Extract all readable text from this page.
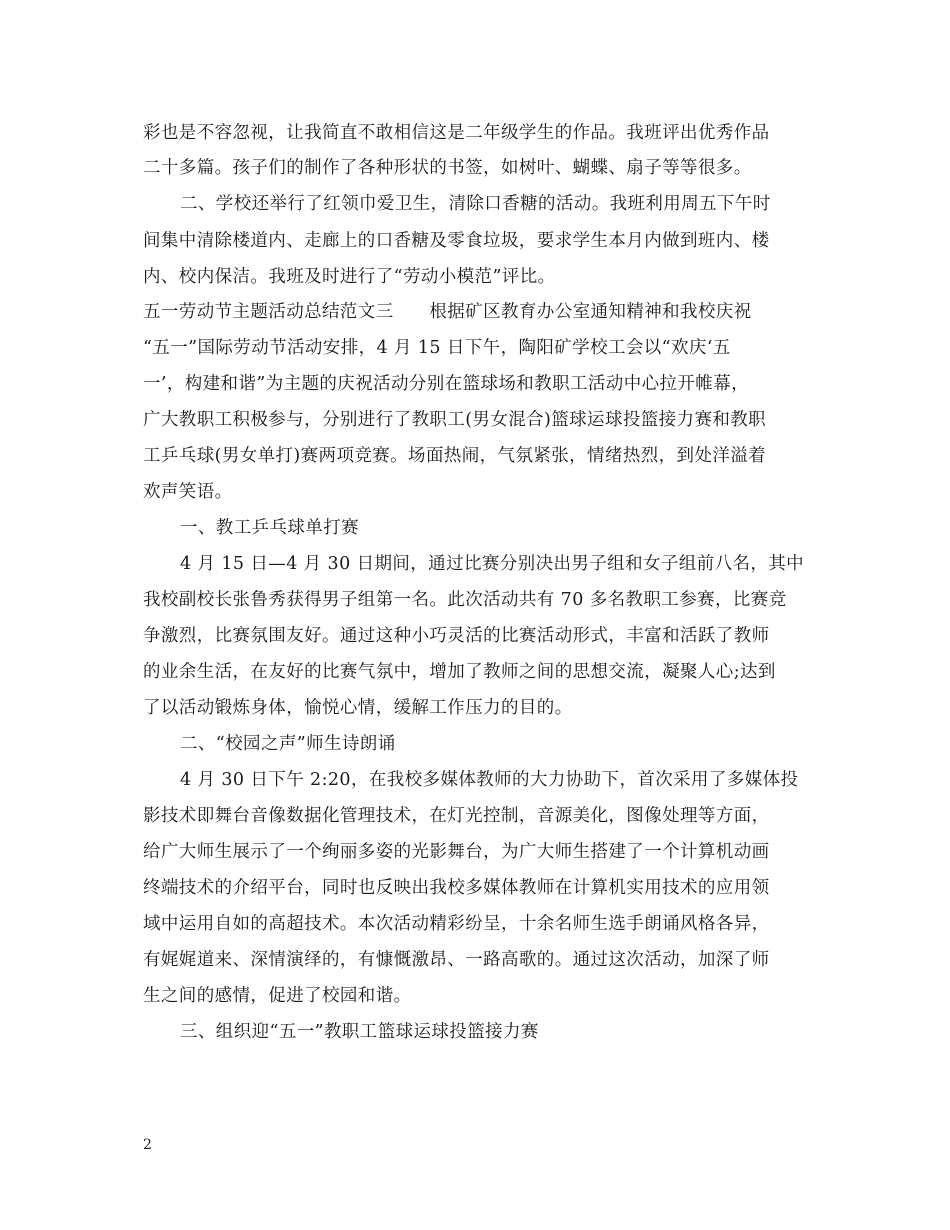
彩也是不容忽视，让我简直不敢相信这是二年级学生的作品。我班评出优秀作品
二十多篇。孩子们的制作了各种形状的书签，如树叶、蝴蝶、扇子等等很多。
二、学校还举行了红领巾爱卫生，清除口香糖的活动。我班利用周五下午时
间集中清除楼道内、走廊上的口香糖及零食垃圾，要求学生本月内做到班内、楼
内、校内保洁。我班及时进行了“劳动小模范”评比。
五一劳动节主题活动总结范文三　　根据矿区教育办公室通知精神和我校庆祝
“五一”国际劳动节活动安排，4 月 15 日下午，陶阳矿学校工会以“欢庆‘五
一’，构建和谐”为主题的庆祝活动分别在篮球场和教职工活动中心拉开帷幕，
广大教职工积极参与，分别进行了教职工(男女混合)篮球运球投篮接力赛和教职
工乒乓球(男女单打)赛两项竞赛。场面热闹，气氛紧张，情绪热烈，到处洋溢着
欢声笑语。
一、教工乒乓球单打赛
4 月 15 日—4 月 30 日期间，通过比赛分别决出男子组和女子组前八名，其中
我校副校长张鲁秀获得男子组第一名。此次活动共有 70 多名教职工参赛，比赛竞
争激烈，比赛氛围友好。通过这种小巧灵活的比赛活动形式，丰富和活跃了教师
的业余生活，在友好的比赛气氛中，增加了教师之间的思想交流，凝聚人心;达到
了以活动锻炼身体，愉悦心情，缓解工作压力的目的。
二、“校园之声”师生诗朗诵
4 月 30 日下午 2:20，在我校多媒体教师的大力协助下，首次采用了多媒体投
影技术即舞台音像数据化管理技术，在灯光控制，音源美化，图像处理等方面，
给广大师生展示了一个绚丽多姿的光影舞台，为广大师生搭建了一个计算机动画
终端技术的介绍平台，同时也反映出我校多媒体教师在计算机实用技术的应用领
域中运用自如的高超技术。本次活动精彩纷呈，十余名师生选手朗诵风格各异，
有娓娓道来、深情演绎的，有慷慨激昂、一路高歌的。通过这次活动，加深了师
生之间的感情，促进了校园和谐。
三、组织迎“五一”教职工篮球运球投篮接力赛
2
